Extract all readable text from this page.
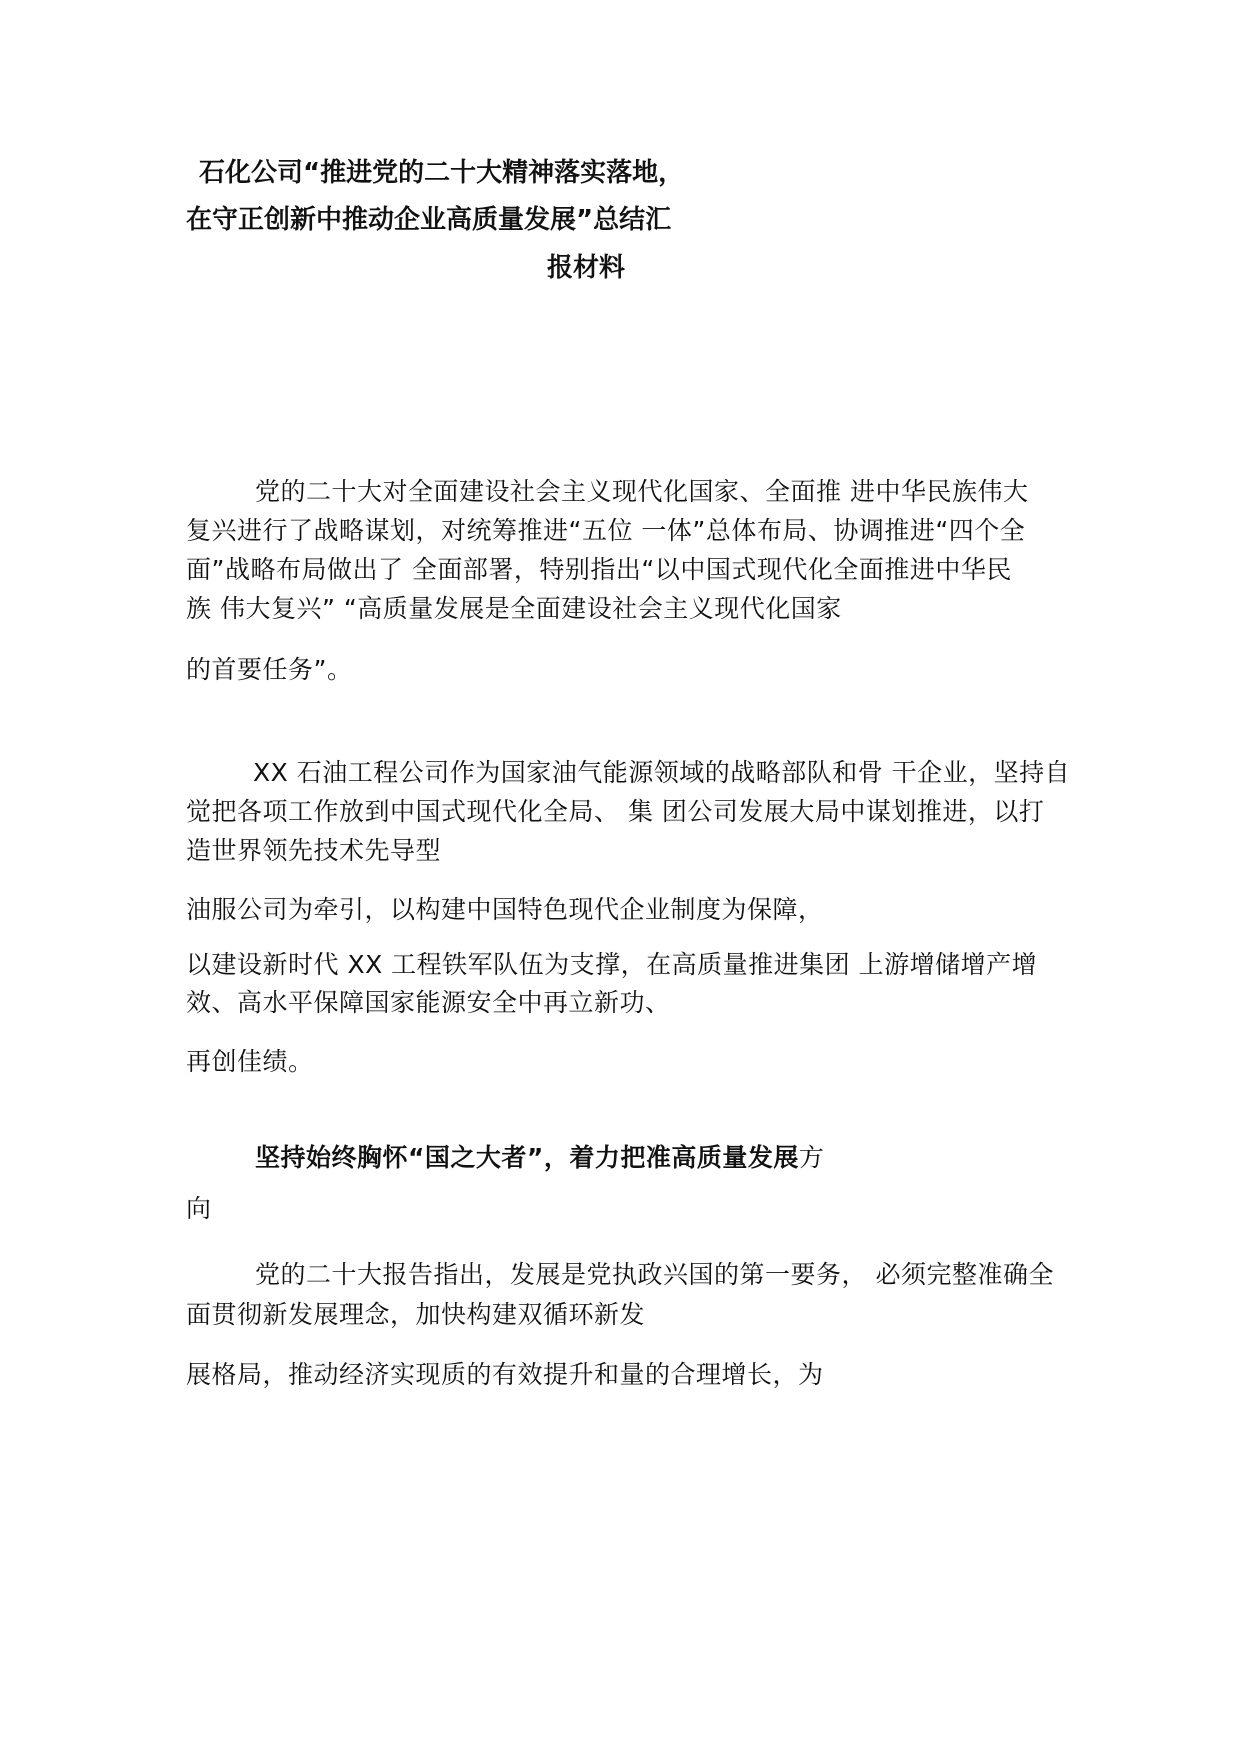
石化公司“推进党的二十大精神落实落地，
在守正创新中推动企业高质量发展”总结汇
报材料
党的二十大对全面建设社会主义现代化国家、全面推 进中华民族伟大
复兴进行了战略谋划，对统筹推进“五位 一体”总体布局、协调推进“四个全
面”战略布局做出了 全面部署，特别指出“以中国式现代化全面推进中华民
族 伟大复兴” “高质量发展是全面建设社会主义现代化国家
的首要任务”。
XX 石油工程公司作为国家油气能源领域的战略部队和骨 干企业，坚持自
觉把各项工作放到中国式现代化全局、 集 团公司发展大局中谋划推进，以打
造世界领先技术先导型
油服公司为牵引，以构建中国特色现代企业制度为保障，
以建设新时代 XX 工程铁军队伍为支撑，在高质量推进集团 上游增储增产增
效、高水平保障国家能源安全中再立新功、
再创佳绩。
坚持始终胸怀“国之大者”，着力把准高质量发展方
向
党的二十大报告指出，发展是党执政兴国的第一要务， 必须完整准确全
面贯彻新发展理念，加快构建双循环新发
展格局，推动经济实现质的有效提升和量的合理增长，为
